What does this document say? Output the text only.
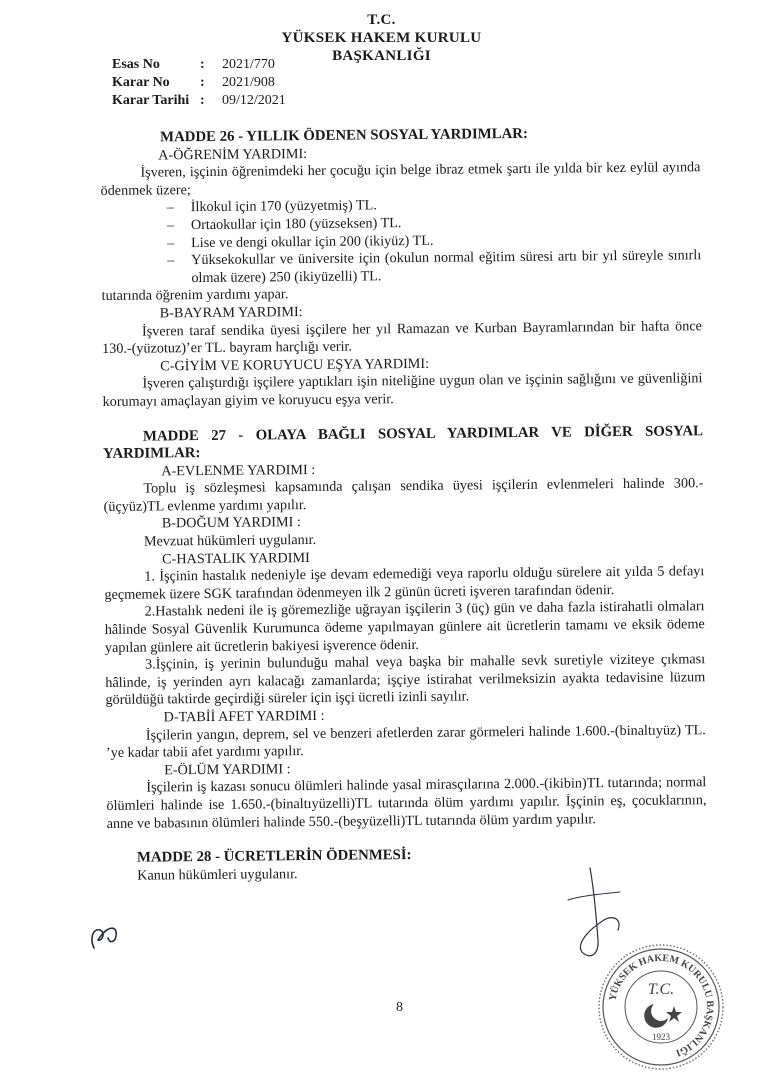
T.C.
YÜKSEK HAKEM KURULU
BAŞKANLIĞI
Esas No	: 2021/770
Karar No : 2021/908
Karar Tarihi : 09/12/2021

MADDE 26 - YILLIK ÖDENEN SOSYAL YARDIMLAR:

A-ÖĞRENİM YARDIMI:

İşveren, işçinin öğrenimdeki her çocuğu için belge ibraz etmek şartı ile yılda bir kez eylül ayında ödenmek üzere;

– İlkokul için 170 (yüzyetmiş) TL.
– Ortaokullar için 180 (yüzseksen) TL.
– Lise ve dengi okullar için 200 (ikiyüz) TL.
– Yüksekokullar ve üniversite için (okulun normal eğitim süresi artı bir yıl süreyle sınırlı olmak üzere) 250 (ikiyüzelli) TL.

tutarında öğrenim yardımı yapar.

B-BAYRAM YARDIMI:

İşveren taraf sendika üyesi işçilere her yıl Ramazan ve Kurban Bayramlarından bir hafta önce 130.-(yüzotuz)’er TL. bayram harçlığı verir.

C-GİYİM VE KORUYUCU EŞYA YARDIMI:

İşveren çalıştırdığı işçilere yaptıkları işin niteliğine uygun olan ve işçinin sağlığını ve güvenliğini korumayı amaçlayan giyim ve koruyucu eşya verir.

MADDE 27 - OLAYA BAĞLI SOSYAL YARDIMLAR VE DİĞER SOSYAL YARDIMLAR:

A-EVLENME YARDIMI :

Toplu iş sözleşmesi kapsamında çalışan sendika üyesi işçilerin evlenmeleri halinde 300.-(üçyüz)TL evlenme yardımı yapılır.

B-DOĞUM YARDIMI :

Mevzuat hükümleri uygulanır.

C-HASTALIK YARDIMI

1. İşçinin hastalık nedeniyle işe devam edemediği veya raporlu olduğu sürelere ait yılda 5 defayı geçmemek üzere SGK tarafından ödenmeyen ilk 2 günün ücreti işveren tarafından ödenir.

2.Hastalık nedeni ile iş göremezliğe uğrayan işçilerin 3 (üç) gün ve daha fazla istirahatli olmaları hâlinde Sosyal Güvenlik Kurumunca ödeme yapılmayan günlere ait ücretlerin tamamı ve eksik ödeme yapılan günlere ait ücretlerin bakiyesi işverence ödenir.

3.İşçinin, iş yerinin bulunduğu mahal veya başka bir mahalle sevk suretiyle viziteye çıkması hâlinde, iş yerinden ayrı kalacağı zamanlarda; işçiye istirahat verilmeksizin ayakta tedavisine lüzum görüldüğü taktirde geçirdiği süreler için işçi ücretli izinli sayılır.

D-TABİİ AFET YARDIMI :

İşçilerin yangın, deprem, sel ve benzeri afetlerden zarar görmeleri halinde 1.600.-(binaltıyüz) TL. ’ye kadar tabii afet yardımı yapılır.

E-ÖLÜM YARDIMI :

İşçilerin iş kazası sonucu ölümleri halinde yasal mirasçılarına 2.000.-(ikibin)TL tutarında; normal ölümleri halinde ise 1.650.-(binaltıyüzelli)TL tutarında ölüm yardımı yapılır. İşçinin eş, çocuklarının, anne ve babasının ölümleri halinde 550.-(beşyüzelli)TL tutarında ölüm yardım yapılır.

MADDE 28 - ÜCRETLERİN ÖDENMESİ:

Kanun hükümleri uygulanır.

8
YÜKSEK HAKEM KURULU BAŞKANLIĞI
T.C.
1923
